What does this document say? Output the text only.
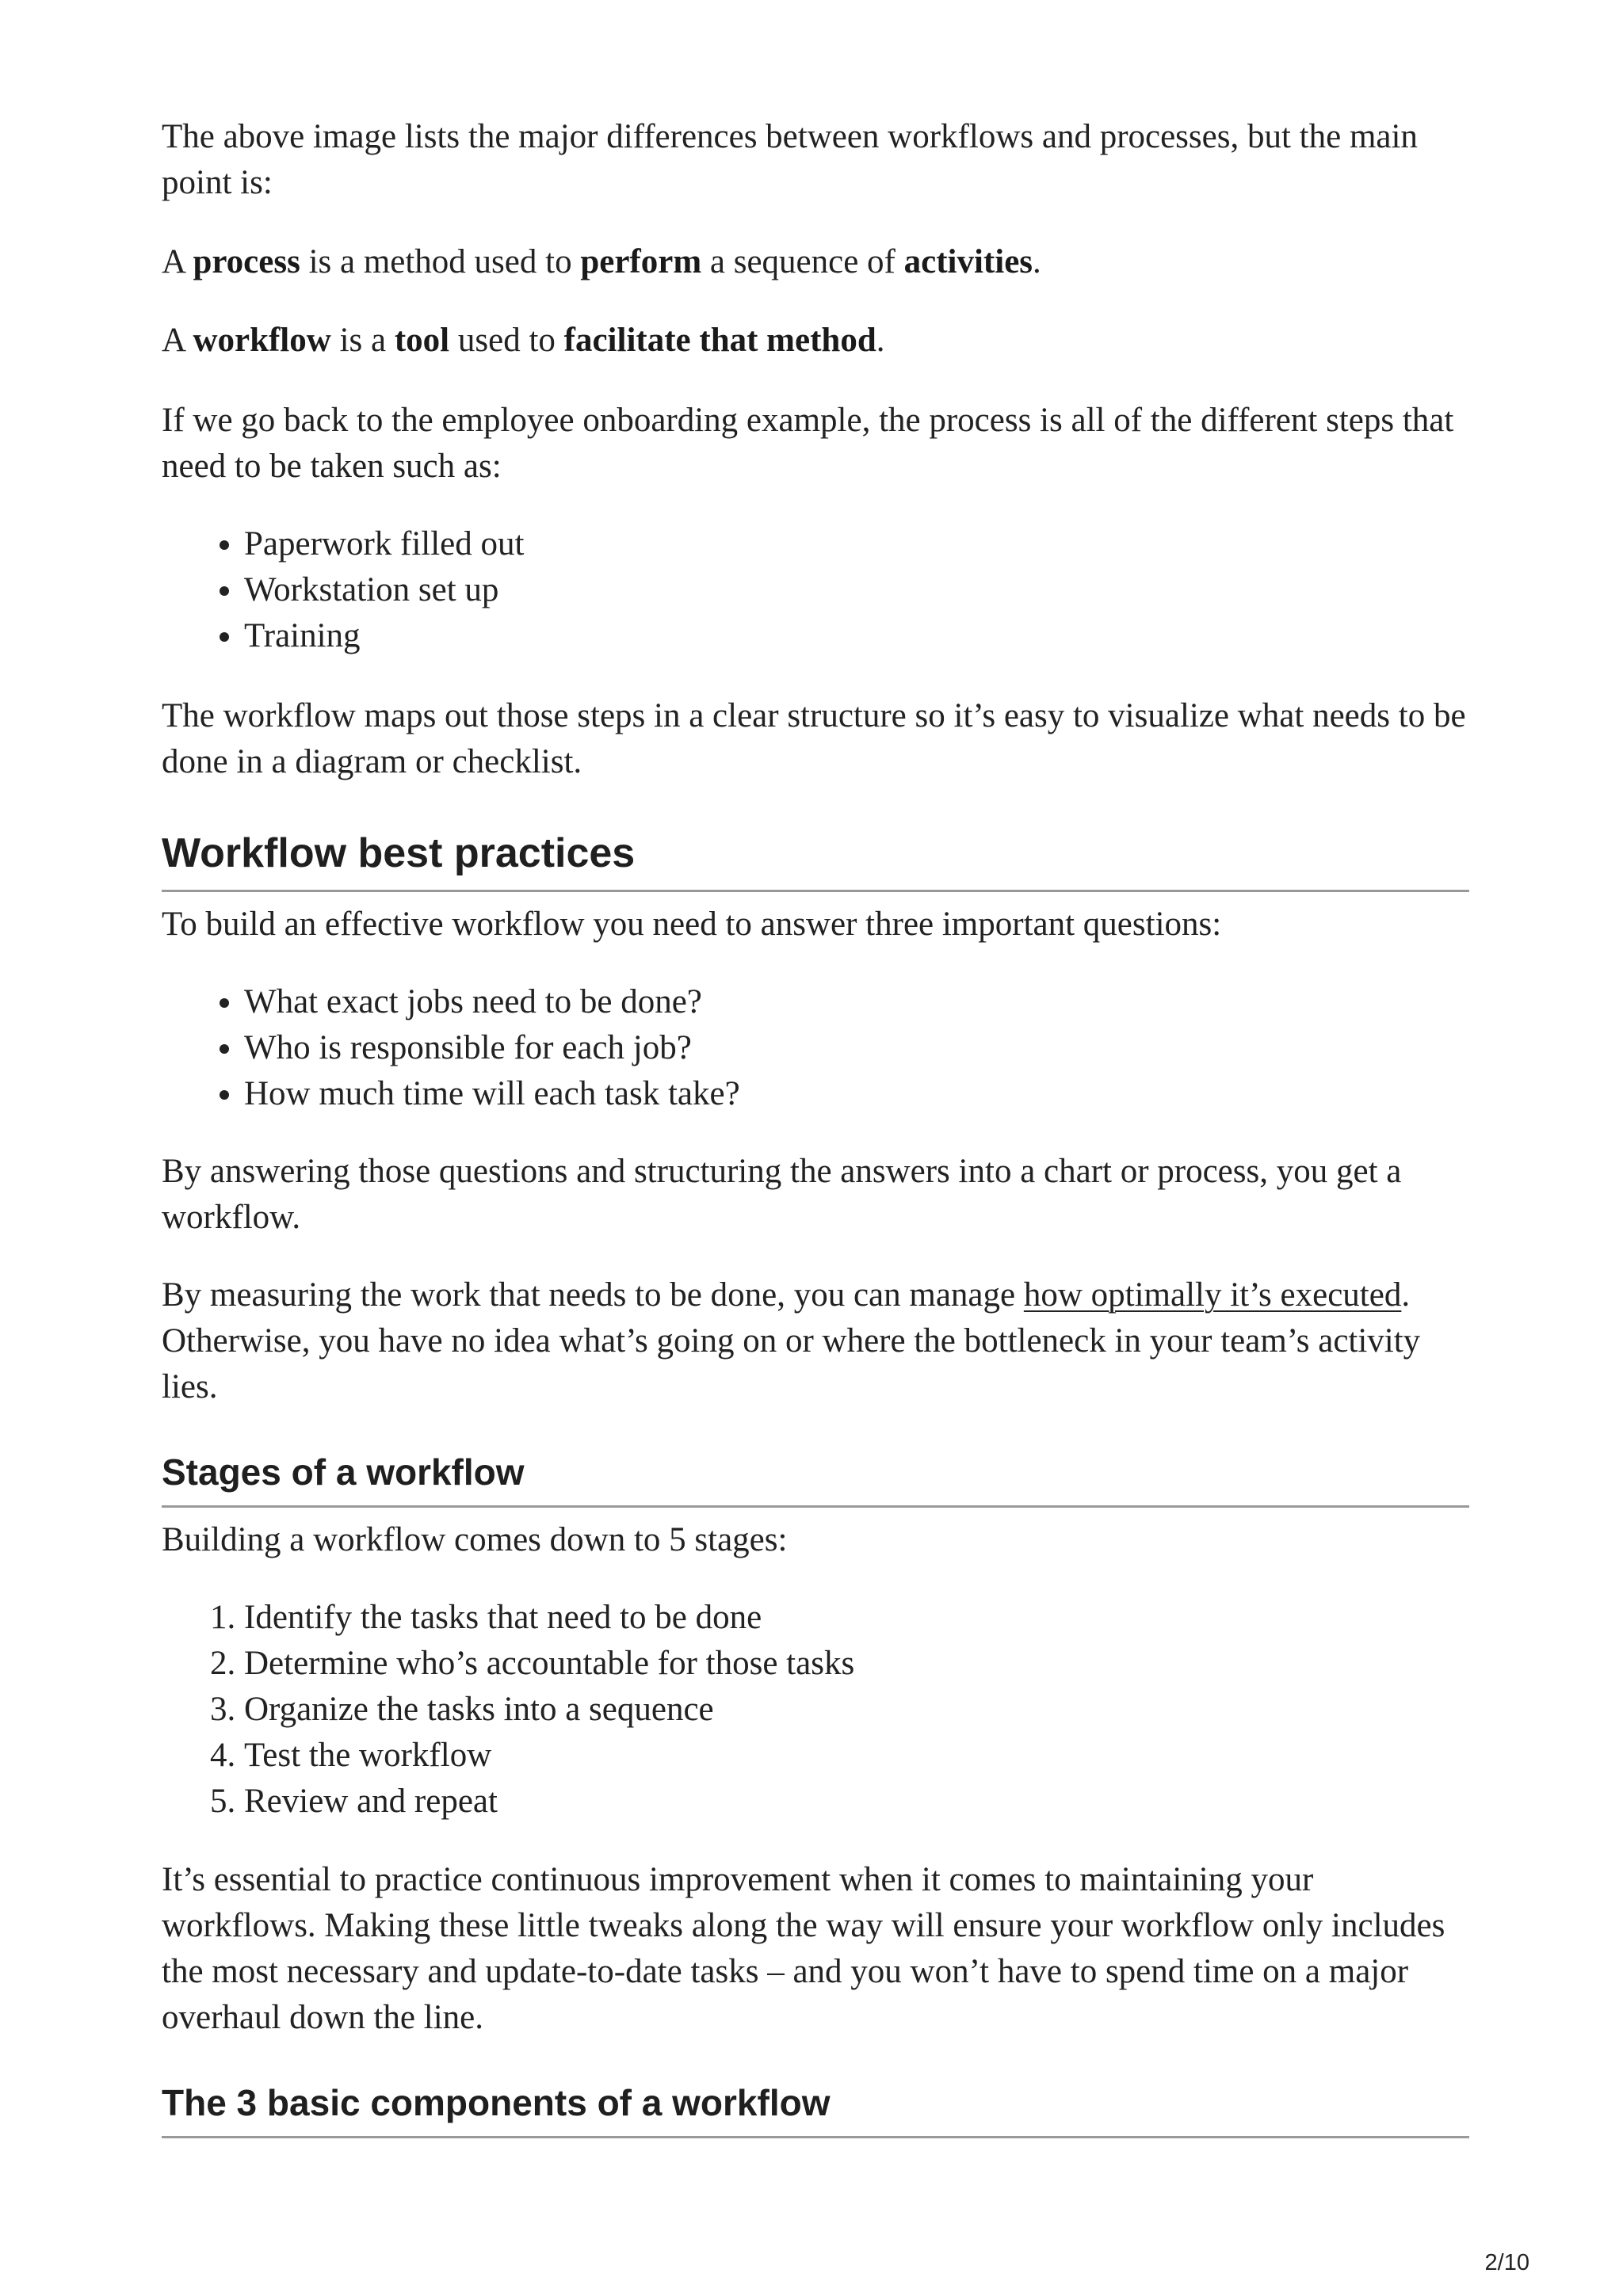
The above image lists the major differences between workflows and processes, but the main point is:

A process is a method used to perform a sequence of activities.

A workflow is a tool used to facilitate that method.

If we go back to the employee onboarding example, the process is all of the different steps that need to be taken such as:

• Paperwork filled out
• Workstation set up
• Training

The workflow maps out those steps in a clear structure so it’s easy to visualize what needs to be done in a diagram or checklist.

Workflow best practices

To build an effective workflow you need to answer three important questions:

• What exact jobs need to be done?
• Who is responsible for each job?
• How much time will each task take?

By answering those questions and structuring the answers into a chart or process, you get a workflow.

By measuring the work that needs to be done, you can manage how optimally it’s executed. Otherwise, you have no idea what’s going on or where the bottleneck in your team’s activity lies.

Stages of a workflow

Building a workflow comes down to 5 stages:

1. Identify the tasks that need to be done
2. Determine who’s accountable for those tasks
3. Organize the tasks into a sequence
4. Test the workflow
5. Review and repeat

It’s essential to practice continuous improvement when it comes to maintaining your workflows. Making these little tweaks along the way will ensure your workflow only includes the most necessary and update-to-date tasks – and you won’t have to spend time on a major overhaul down the line.

The 3 basic components of a workflow
2/10
